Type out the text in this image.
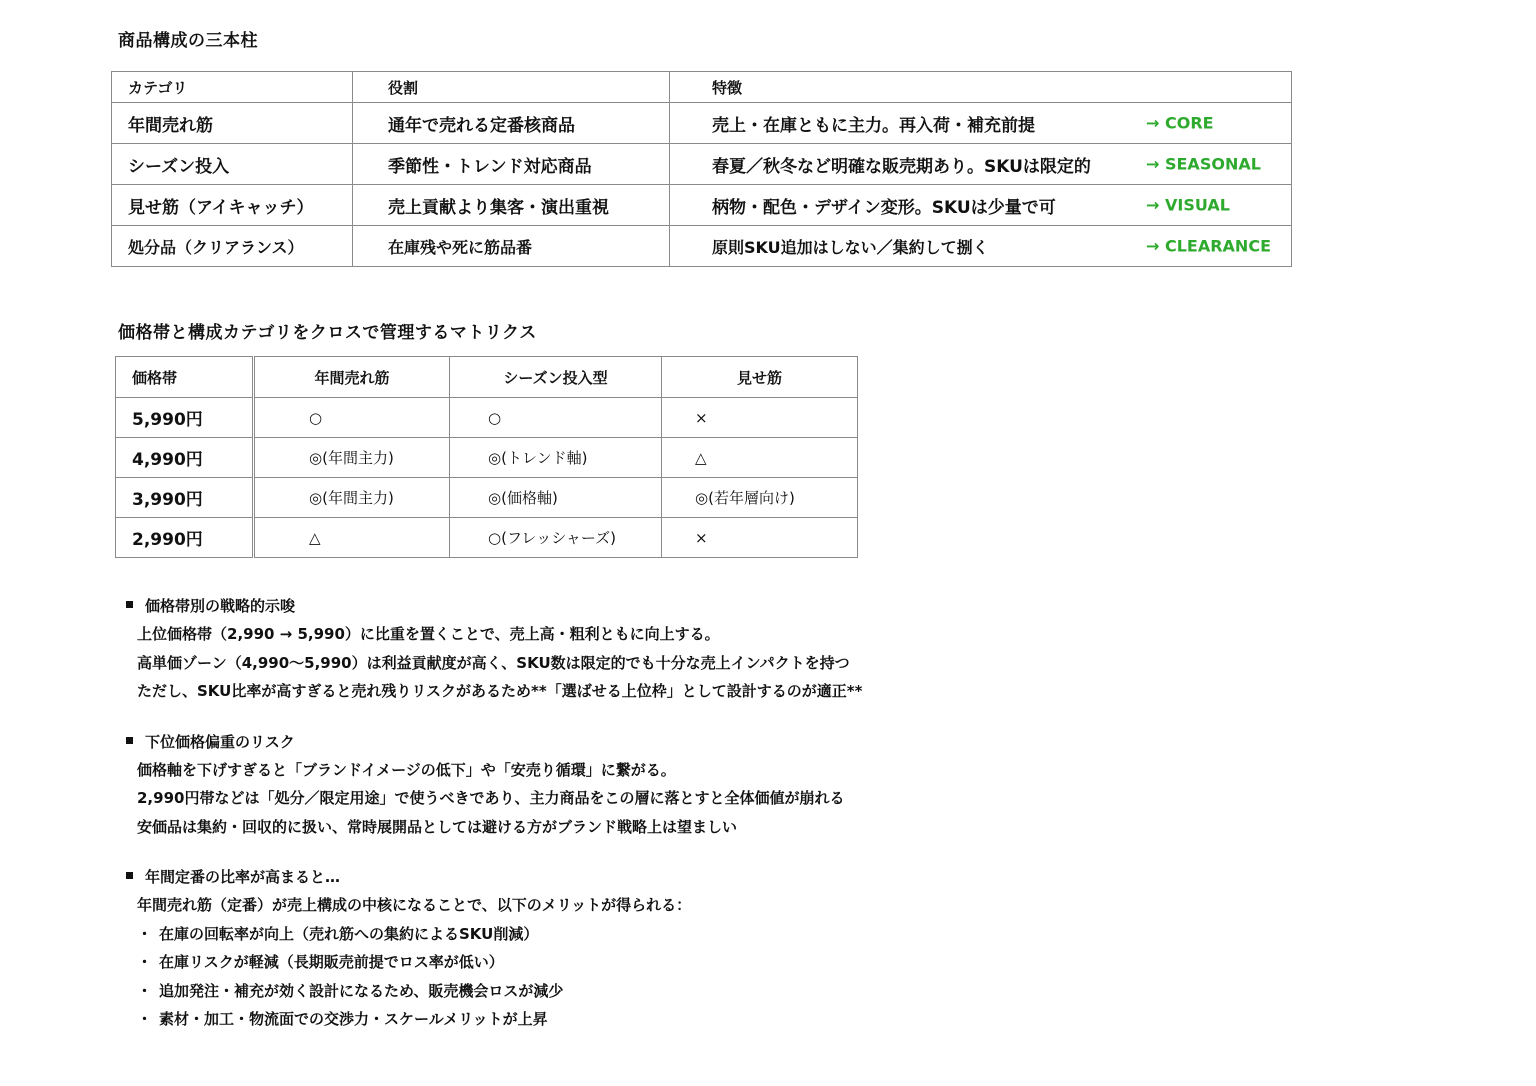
商品構成の三本柱
カテゴリ	役割	特徴
年間売れ筋	通年で売れる定番核商品	売上・在庫ともに主力。再入荷・補充前提 → CORE

シーズン投入	季節性・トレンド対応商品	春夏／秋冬など明確な販売期あり。SKUは限定的 → SEASONAL

見せ筋（アイキャッチ）	売上貢献より集客・演出重視	柄物・配色・デザイン変形。SKUは少量で可 → VISUAL

処分品（クリアランス）	在庫残や死に筋品番	原則SKU追加はしない／集約して捌く → CLEARANCE
価格帯と構成カテゴリをクロスで管理するマトリクス
価格帯	年間売れ筋	シーズン投入型	見せ筋
5,990円	○	○	×
4,990円	◎(年間主力)	◎(トレンド軸)	△
3,990円	◎(年間主力)	◎(価格軸)	◎(若年層向け)
2,990円	△	○(フレッシャーズ)	×
価格帯別の戦略的示唆
上位価格帯（2,990 → 5,990）に比重を置くことで、売上高・粗利ともに向上する。
高単価ゾーン（4,990〜5,990）は利益貢献度が高く、SKU数は限定的でも十分な売上インパクトを持つ
ただし、SKU比率が高すぎると売れ残りリスクがあるため**「選ばせる上位枠」として設計するのが適正**
下位価格偏重のリスク
価格軸を下げすぎると「ブランドイメージの低下」や「安売り循環」に繋がる。
2,990円帯などは「処分／限定用途」で使うべきであり、主力商品をこの層に落とすと全体価値が崩れる
安価品は集約・回収的に扱い、常時展開品としては避ける方がブランド戦略上は望ましい
年間定番の比率が高まると…
年間売れ筋（定番）が売上構成の中核になることで、以下のメリットが得られる：
・ 在庫の回転率が向上（売れ筋への集約によるSKU削減）
・ 在庫リスクが軽減（長期販売前提でロス率が低い）
・ 追加発注・補充が効く設計になるため、販売機会ロスが減少
・ 素材・加工・物流面での交渉力・スケールメリットが上昇
